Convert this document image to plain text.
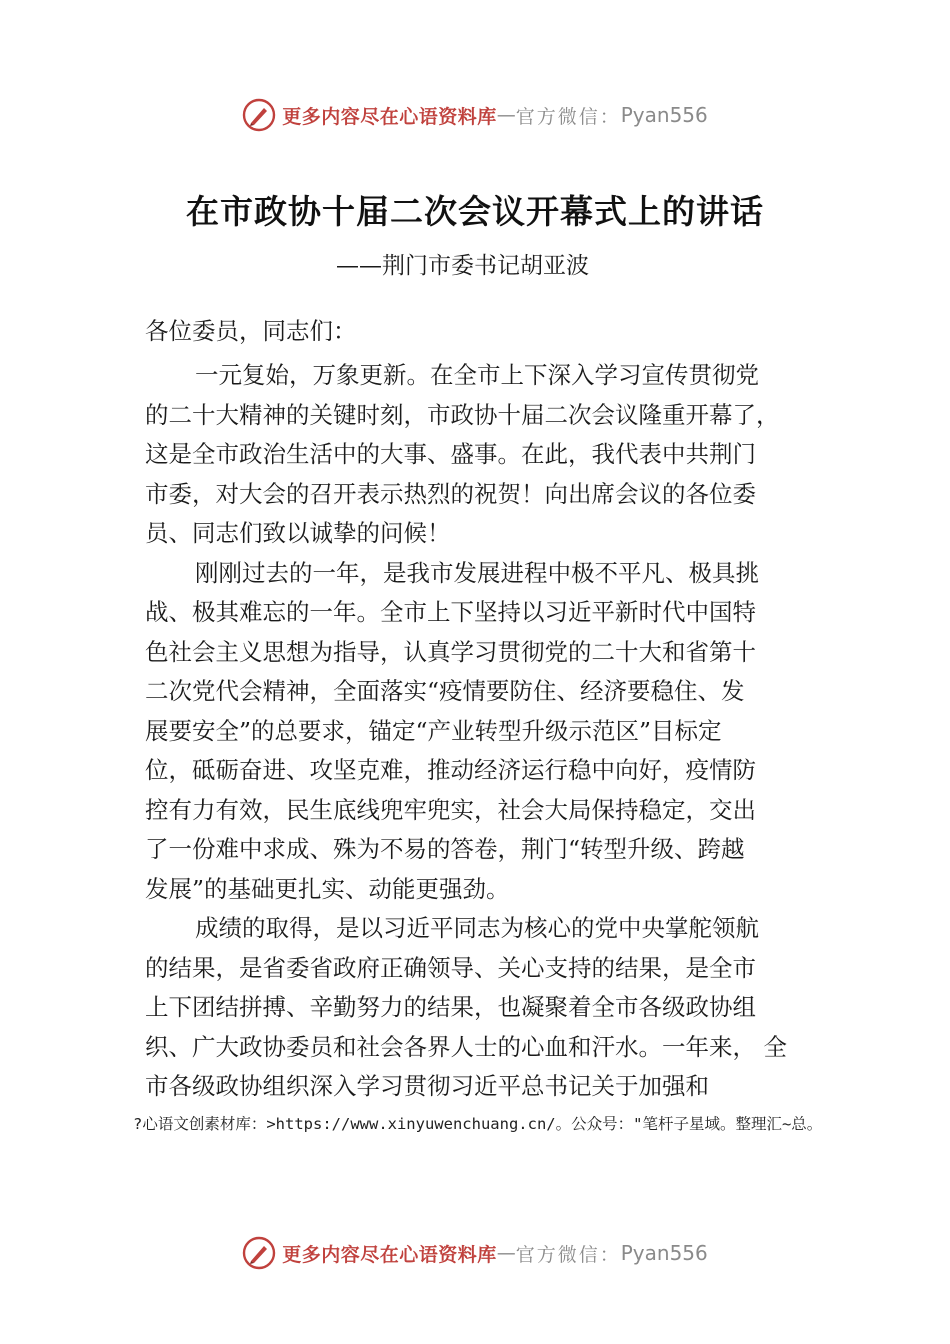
更多内容尽在心语资料库 — 官方微信： Pyan556
在市政协十届二次会议开幕式上的讲话
——荆门市委书记胡亚波
各位委员，同志们：
一元复始，万象更新。在全市上下深入学习宣传贯彻党
的二十大精神的关键时刻，市政协十届二次会议隆重开幕了，
这是全市政治生活中的大事、盛事。在此，我代表中共荆门
市委，对大会的召开表示热烈的祝贺！向出席会议的各位委
员、同志们致以诚挚的问候！
刚刚过去的一年，是我市发展进程中极不平凡、极具挑
战、极其难忘的一年。全市上下坚持以习近平新时代中国特
色社会主义思想为指导，认真学习贯彻党的二十大和省第十
二次党代会精神，全面落实“疫情要防住、经济要稳住、发
展要安全”的总要求，锚定“产业转型升级示范区”目标定
位，砥砺奋进、攻坚克难，推动经济运行稳中向好，疫情防
控有力有效，民生底线兜牢兜实，社会大局保持稳定，交出
了一份难中求成、殊为不易的答卷，荆门“转型升级、跨越
发展”的基础更扎实、动能更强劲。
成绩的取得，是以习近平同志为核心的党中央掌舵领航
的结果，是省委省政府正确领导、关心支持的结果，是全市
上下团结拼搏、辛勤努力的结果，也凝聚着全市各级政协组
织、广大政协委员和社会各界人士的心血和汗水。一年来， 全
市各级政协组织深入学习贯彻习近平总书记关于加强和
?心语文创素材库：>https://www.xinyuwenchuang.cn/。公众号："笔杆子星域。整理汇~总。
更多内容尽在心语资料库 — 官方微信： Pyan556
